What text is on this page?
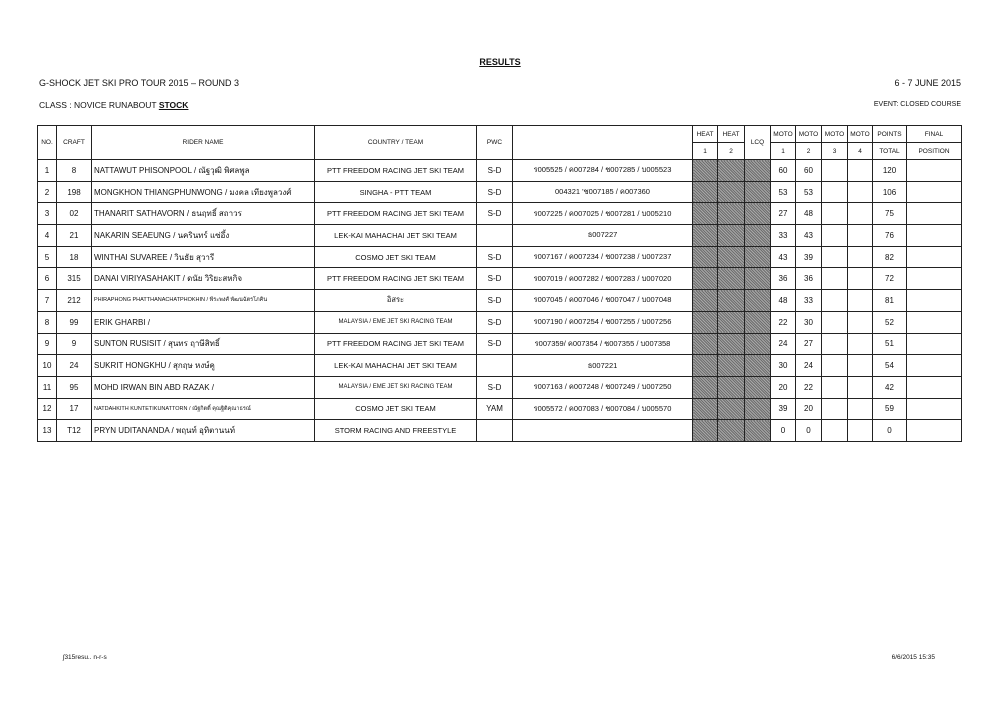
RESULTS
G-SHOCK JET SKI PRO TOUR 2015 – ROUND 3	6 - 7 JUNE 2015
CLASS : NOVICE RUNABOUT STOCK	EVENT: CLOSED COURSE
NO.	CRAFT	RIDER NAME	COUNTRY / TEAM	PWC		HEAT	HEAT	LCQ	MOTO	MOTO	MOTO	MOTO	POINTS	FINAL
						1	2		1	2	3	4	TOTAL	POSITION
1	8	NATTAWUT PHISONPOOL / ณัฐวุฒิ พิศลพูล	PTT FREEDOM RACING JET SKI TEAM	S-D	ร005525 / ค007284 / ช007285 / บ005523				60	60			120	
2	198	MONGKHON THIANGPHUNWONG / มงคล เทียงพูลวงศ์	SINGHA - PTT TEAM	S-D	004321 'ช007185 / ค007360				53	53			106	
3	02	THANARIT SATHAVORN / ธนฤทธิ์ สถาวร	PTT FREEDOM RACING JET SKI TEAM	S-D	ร007225 / ค007025 / ช007281 / บ005210				27	48			75	
4	21	NAKARIN SEAEUNG / นครินทร์ แซ่อึ้ง	LEK-KAI MAHACHAI JET SKI TEAM		ธ007227				33	43			76	
5	18	WINTHAI SUVAREE / วินธัย สุวารี	COSMO JET SKI TEAM	S-D	ร007167 / ค007234 / ช007238 / บ007237				43	39			82	
6	315	DANAI VIRIYASAHAKIT / ดนัย วิริยะสหกิจ	PTT FREEDOM RACING JET SKI TEAM	S-D	ร007019 / ค007282 / ช007283 / บ007020				36	36			72	
7	212	PHIRAPHONG PHATTHANACHATPHOKHIN / พีระพงศ์ พัฒนฉัตรโภคิน	อิสระ	S-D	ร007045 / ค007046 / ช007047 / บ007048				48	33			81	
8	99	ERIK GHARBI /	MALAYSIA / EME JET SKI RACING TEAM	S-D	ร007190 / ค007254 / ช007255 / บ007256				22	30			52	
9	9	SUNTON RUSISIT / สุนทร ฤาษีสิทธิ์	PTT FREEDOM RACING JET SKI TEAM	S-D	ร007359/ ค007354 / ช007355 / บ007358				24	27			51	
10	24	SUKRIT HONGKHU / สุกฤษ หงษ์คู	LEK-KAI MAHACHAI JET SKI TEAM		ธ007221				30	24			54	
11	95	MOHD IRWAN BIN ABD RAZAK /	MALAYSIA / EME JET SKI RACING TEAM	S-D	ร007163 / ค007248 / ช007249 / บ007250				20	22			42	
12	17	NATDAHKITH KUNTETIKUNATTORN / ณัฐกิตติ์ คุณฐิติคุณาธรณ์	COSMO JET SKI TEAM	YAM	ร005572 / ค007083 / ช007084 / บ005570				39	20			59	
13	T12	PRYN UDITANANDA / พฤนท์ อุทิตานนท์	STORM RACING AND FREESTYLE						0	0			0	
ʃ315resu.. n-r-s	6/6/2015 15:35
